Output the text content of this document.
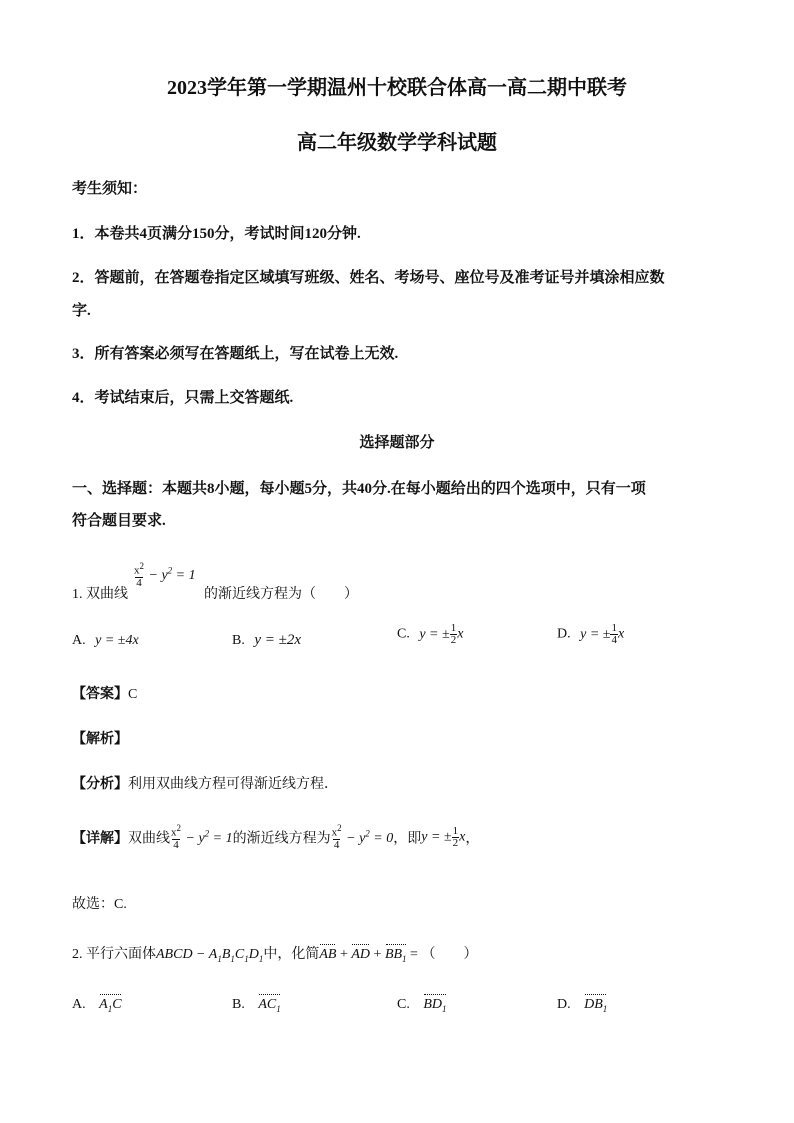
2023学年第一学期温州十校联合体高一高二期中联考
高二年级数学学科试题
考生须知：
1．本卷共4页满分150分，考试时间120分钟.
2．答题前，在答题卷指定区域填写班级、姓名、考场号、座位号及准考证号并填涂相应数
字.
3．所有答案必须写在答题纸上，写在试卷上无效.
4．考试结束后，只需上交答题纸.
选择题部分
一、选择题：本题共8小题，每小题5分，共40分.在每小题给出的四个选项中，只有一项
符合题目要求.
1. 双曲线
$\frac{x^2}{4} - y^2 = 1$
的渐近线方程为（　　）
A. y = ±4x	B. y = ±2x	C. y = ± $\frac{1}{2}$ x	D. y = ± $\frac{1}{4}$ x
【答案】C
【解析】
【分析】利用双曲线方程可得渐近线方程．
【详解】双曲线 $\frac{x^2}{4} - y^2 = 1$的渐近线方程为 $\frac{x^2}{4} - y^2 = 0$，即y = ± $\frac{1}{2}$ x，
故选：C.
2. 平行六面体ABCD − $A_1B_1C_1D_1$中，化简AB + AD + $BB_1$ = （　　）
A. $A_1C$	B. $AC_1$	C. $BD_1$	D. $DB_1$
